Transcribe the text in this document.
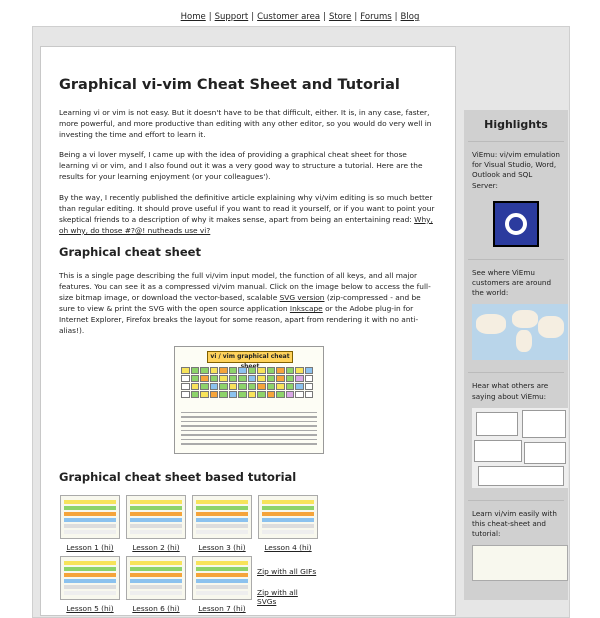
Home | Support | Customer area | Store | Forums | Blog
Graphical vi-vim Cheat Sheet and Tutorial

Learning vi or vim is not easy. But it doesn't have to be that difficult, either. It is, in any case, faster, more powerful, and more productive than editing with any other editor, so you would do very well in investing the time and effort to learn it.

Being a vi lover myself, I came up with the idea of providing a graphical cheat sheet for those learning vi or vim, and I also found out it was a very good way to structure a tutorial. Here are the results for your learning enjoyment (or your colleagues').

By the way, I recently published the definitive article explaining why vi/vim editing is so much better than regular editing. It should prove useful if you want to read it yourself, or if you want to point your skeptical friends to a description of why it makes sense, apart from being an entertaining read: Why, oh why, do those #?@! nutheads use vi?

Graphical cheat sheet

This is a single page describing the full vi/vim input model, the function of all keys, and all major features. You can see it as a compressed vi/vim manual. Click on the image below to access the full-size bitmap image, or download the vector-based, scalable SVG version (zip-compressed - and be sure to view & print the SVG with the open source application Inkscape or the Adobe plug-in for Internet Explorer, Firefox breaks the layout for some reason, apart from rendering it with no anti-alias!).

vi / vim graphical cheat
Graphical cheat sheet based tutorial
Lesson 1 (hi)	Lesson 2 (hi)	Lesson 3 (hi)	Lesson 4 (hi)
Lesson 5 (hi)	Lesson 6 (hi)	Lesson 7 (hi)
Zip with all GIFs
Zip with all SVGs
Highlights
ViEmu: vi/vim emulation for Visual Studio, Word, Outlook and SQL Server:
See where ViEmu customers are around the world:
Hear what others are saying about ViEmu:
Learn vi/vim easily with this cheat-sheet and tutorial:
